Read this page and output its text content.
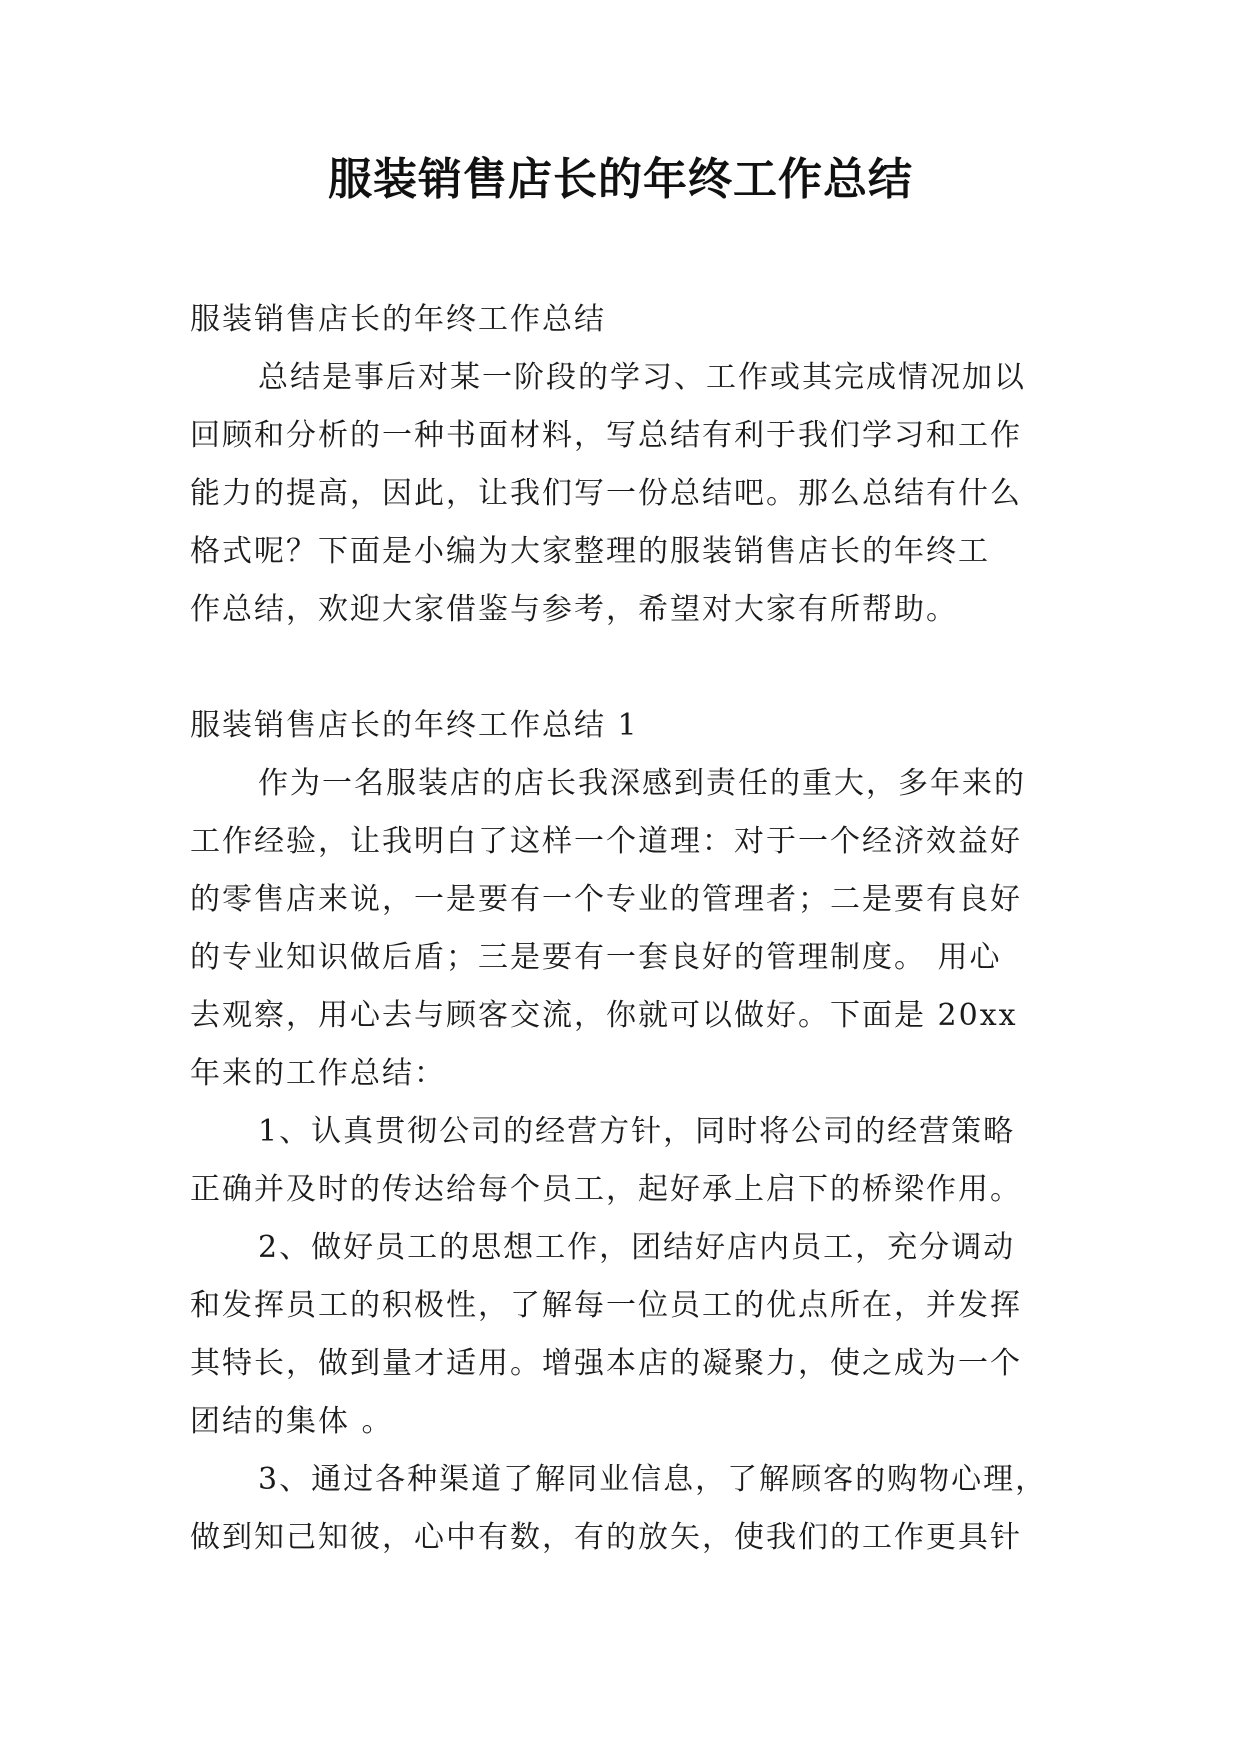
服装销售店长的年终工作总结
服装销售店长的年终工作总结
总结是事后对某一阶段的学习、工作或其完成情况加以
回顾和分析的一种书面材料，写总结有利于我们学习和工作
能力的提高，因此，让我们写一份总结吧。那么总结有什么
格式呢？下面是小编为大家整理的服装销售店长的年终工
作总结，欢迎大家借鉴与参考，希望对大家有所帮助。
服装销售店长的年终工作总结 1
作为一名服装店的店长我深感到责任的重大，多年来的
工作经验，让我明白了这样一个道理：对于一个经济效益好
的零售店来说，一是要有一个专业的管理者；二是要有良好
的专业知识做后盾；三是要有一套良好的管理制度。 用心
去观察，用心去与顾客交流，你就可以做好。下面是 20xx
年来的工作总结：
1、认真贯彻公司的经营方针，同时将公司的经营策略
正确并及时的传达给每个员工，起好承上启下的桥梁作用。
2、做好员工的思想工作，团结好店内员工，充分调动
和发挥员工的积极性，了解每一位员工的优点所在，并发挥
其特长，做到量才适用。增强本店的凝聚力，使之成为一个
团结的集体 。
3、通过各种渠道了解同业信息，了解顾客的购物心理，
做到知己知彼，心中有数，有的放矢，使我们的工作更具针
